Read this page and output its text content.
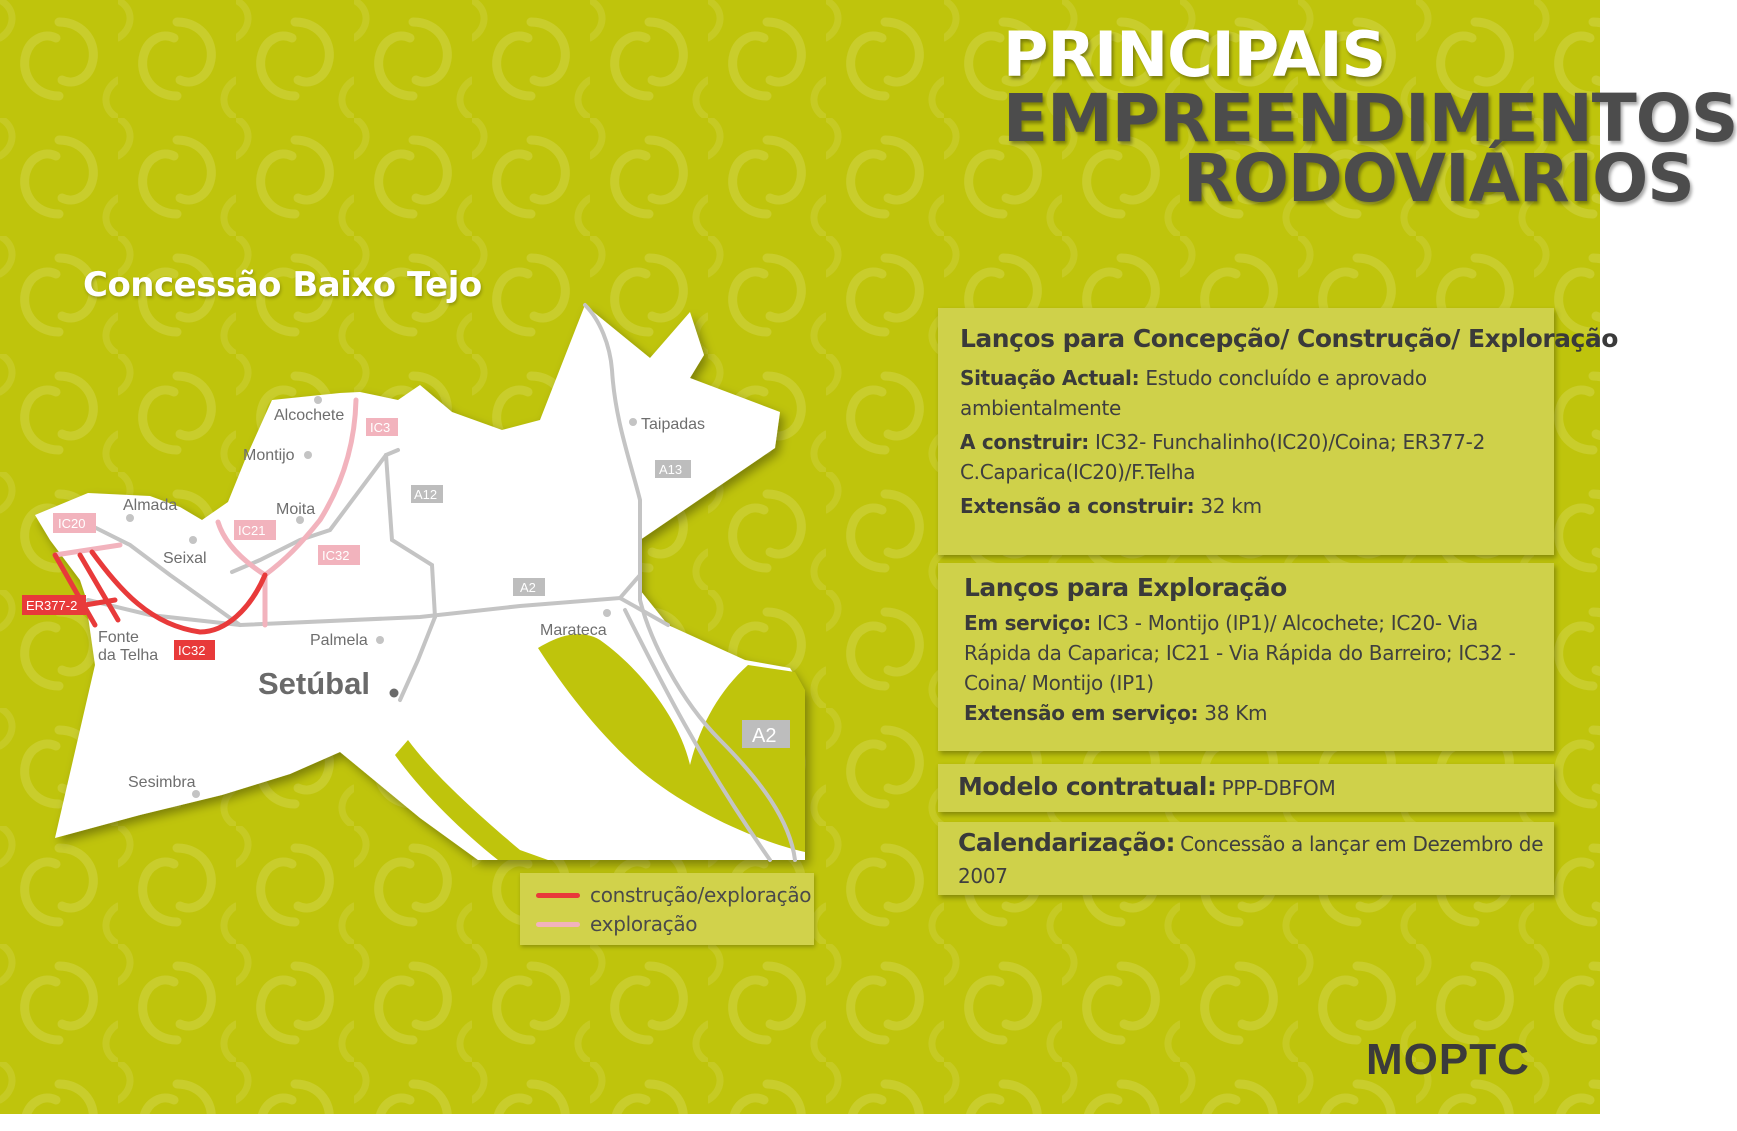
PRINCIPAIS
EMPREENDIMENTOS
RODOVIÁRIOS
Concessão Baixo Tejo
Alcochete
Montijo
Moita
Almada
Seixal
Fonte
da Telha
Palmela
Setúbal
Sesimbra
Taipadas
Marateca
IC3
IC20	IC21
IC32
ER377-2
IC32
A12
A13
A2
A2
construção/exploração
exploração
Lanços para Concepção/ Construção/ Exploração
Situação Actual: Estudo concluído e aprovado ambientalmente
A construir: IC32- Funchalinho(IC20)/Coina; ER377-2 C.Caparica(IC20)/F.Telha
Extensão a construir: 32 km
Lanços para Exploração
Em serviço: IC3 - Montijo (IP1)/ Alcochete; IC20- Via Rápida da Caparica; IC21 - Via Rápida do Barreiro; IC32 - Coina/ Montijo (IP1)
Extensão em serviço: 38 Km
Modelo contratual: PPP-DBFOM
Calendarização: Concessão a lançar em Dezembro de 2007
MOPTC
